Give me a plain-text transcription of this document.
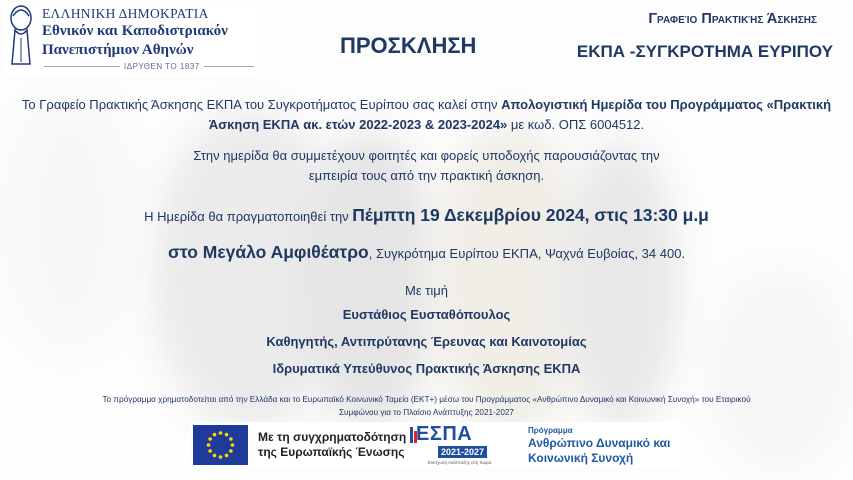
ΕΛΛΗΝΙΚΗ ΔΗΜΟΚΡΑΤΙΑ
Εθνικόν και Καποδιστριακόν
Πανεπιστήμιον Αθηνών
ΙΔΡΥΘΕΝ ΤΟ 1837
ΠΡΟΣΚΛΗΣΗ
Γραφείο Πρακτικής Άσκησης
ΕΚΠΑ -ΣΥΓΚΡΟΤΗΜΑ ΕΥΡΙΠΟΥ
Το Γραφείο Πρακτικής Άσκησης ΕΚΠΑ του Συγκροτήματος Ευρίπου σας καλεί στην Απολογιστική Ημερίδα του Προγράμματος «Πρακτική Άσκηση ΕΚΠΑ ακ. ετών 2022-2023 & 2023-2024» με κωδ. ΟΠΣ 6004512.
Στην ημερίδα θα συμμετέχουν φοιτητές και φορείς υποδοχής παρουσιάζοντας την εμπειρία τους από την πρακτική άσκηση.
Η Ημερίδα θα πραγματοποιηθεί την Πέμπτη 19 Δεκεμβρίου 2024, στις 13:30 μ.μ
στο Μεγάλο Αμφιθέατρο, Συγκρότημα Ευρίπου ΕΚΠΑ, Ψαχνά Ευβοίας, 34 400.
Με τιμή
Ευστάθιος Ευσταθόπουλος
Καθηγητής, Αντιπρύτανης Έρευνας και Καινοτομίας
Ιδρυματικά Υπεύθυνος Πρακτικής Άσκησης ΕΚΠΑ
Το πρόγραμμα χρηματοδοτείται από την Ελλάδα και το Ευρωπαϊκό Κοινωνικό Ταμείο (ΕΚΤ+) μέσω του Προγράμματος «Ανθρώπινο Δυναμικό και Κοινωνική Συνοχή» του Εταιρικού
Συμφώνου για το Πλαίσιο Ανάπτυξης 2021-2027
Με τη συγχρηματοδότηση
της Ευρωπαϊκής Ένωσης
ΕΣΠΑ
2021-2027
Ενίσχυση Ανάπτυξης στη Χώρα
Πρόγραμμα
Ανθρώπινο Δυναμικό και
Κοινωνική Συνοχή
